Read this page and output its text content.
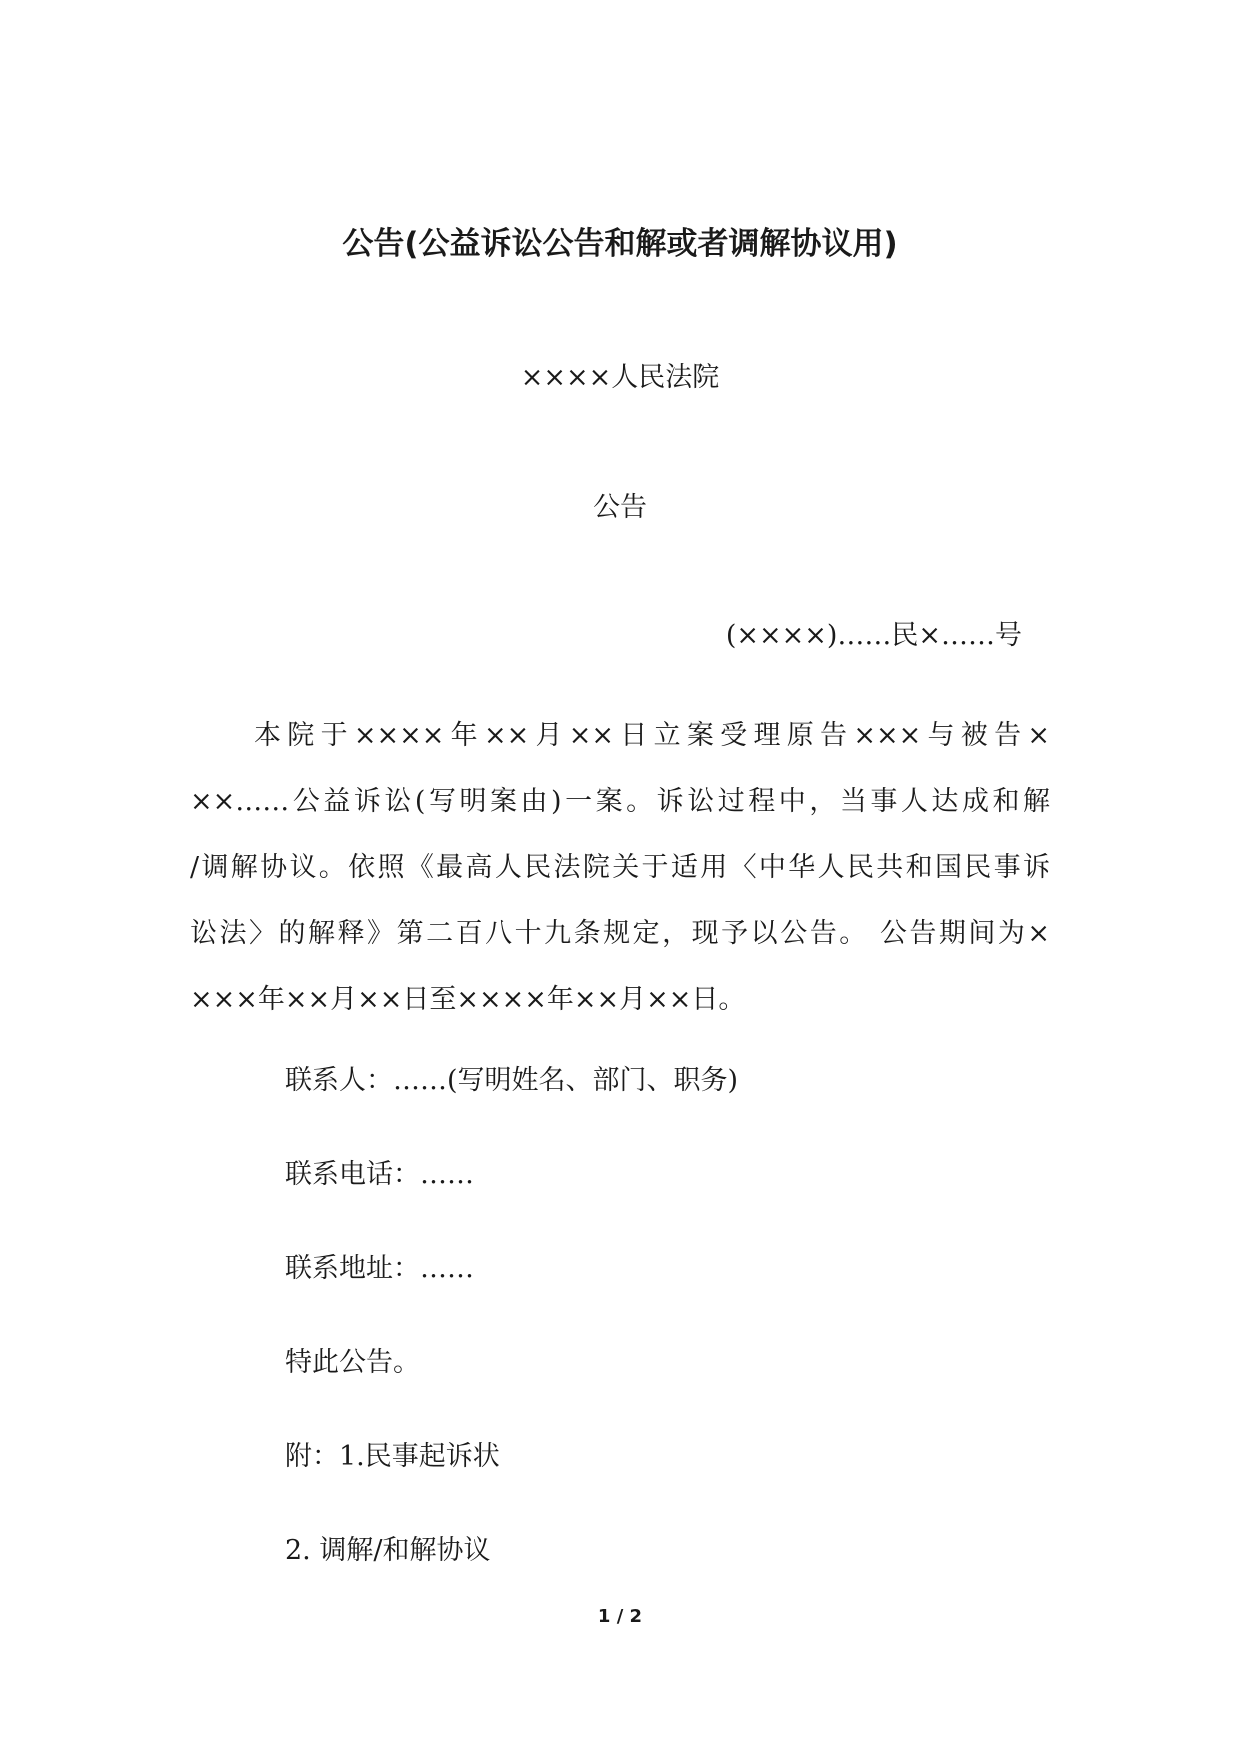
公告(公益诉讼公告和解或者调解协议用)
××××人民法院
公告
(××××)……民×……号
本院于××××年××月××日立案受理原告×××与被告×
××……公益诉讼(写明案由)一案。诉讼过程中，当事人达成和解
/调解协议。依照《最高人民法院关于适用〈中华人民共和国民事诉
讼法〉的解释》第二百八十九条规定，现予以公告。 公告期间为×
×××年××月××日至××××年××月××日。
联系人：……(写明姓名、部门、职务)
联系电话：……
联系地址：……
特此公告。
附：1.民事起诉状
2. 调解/和解协议
1 / 2
